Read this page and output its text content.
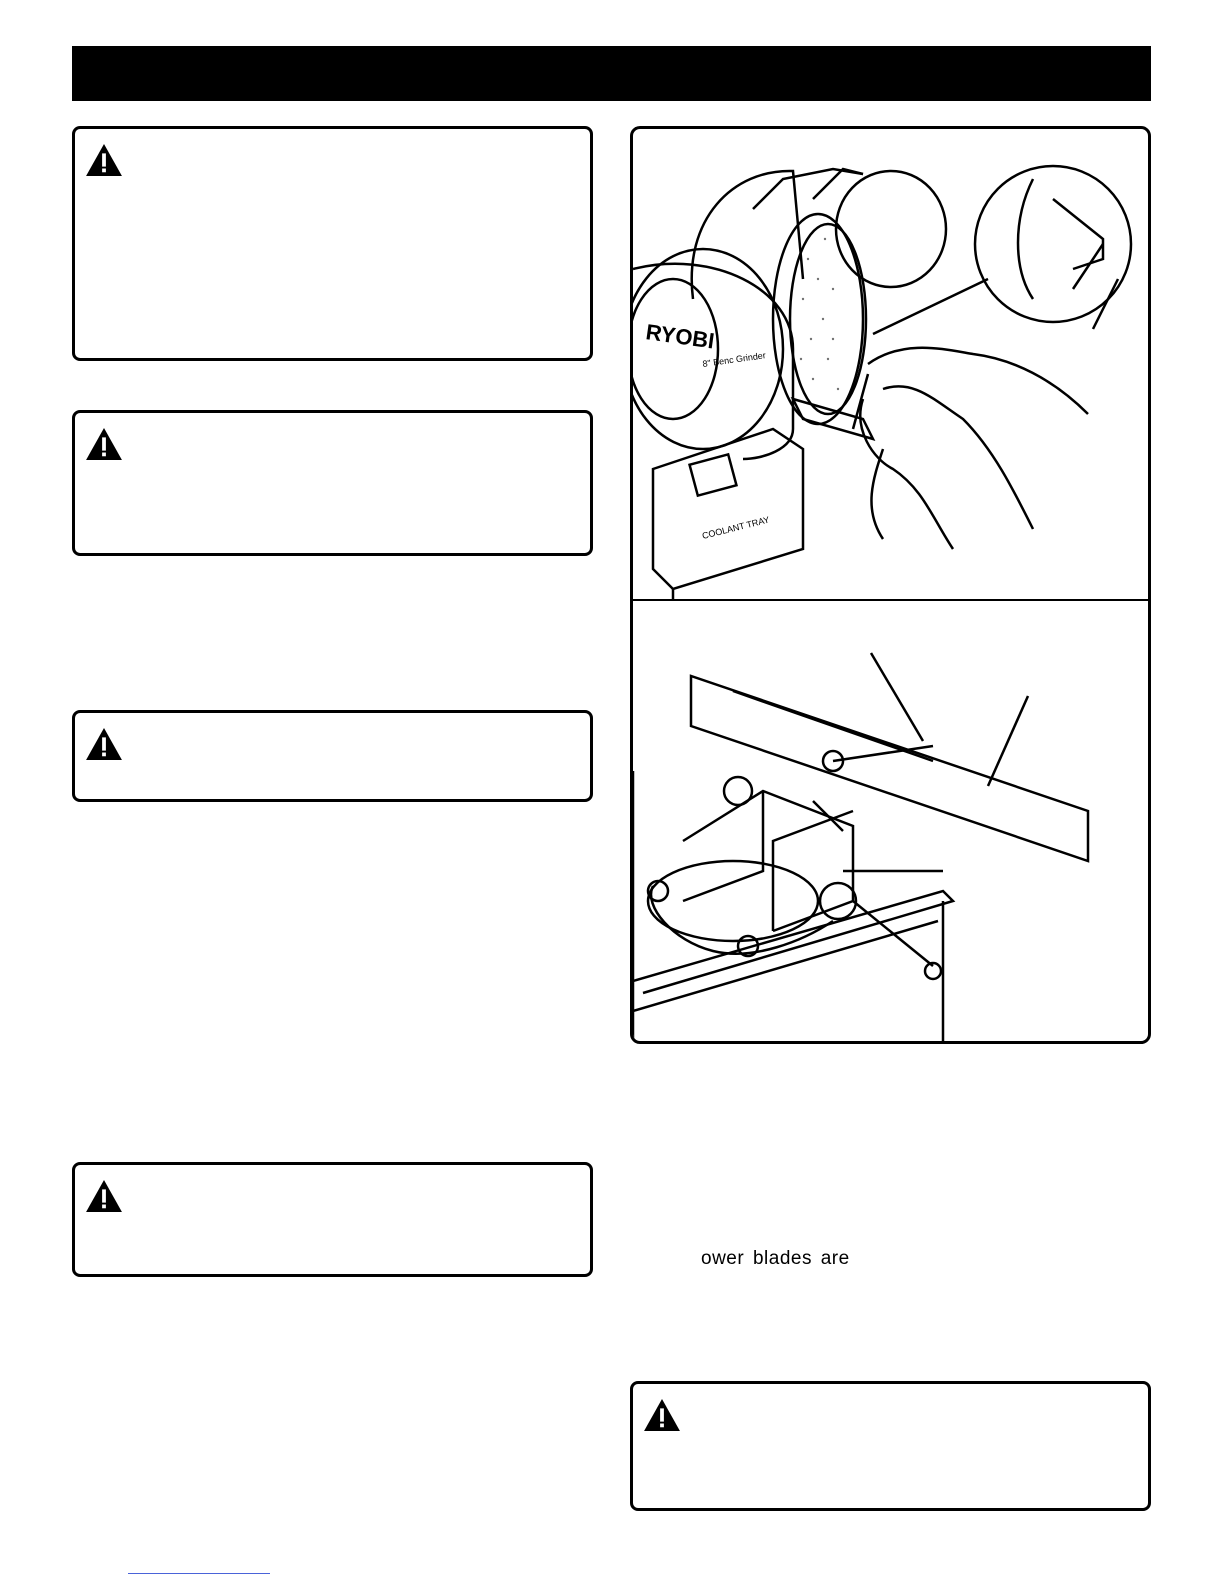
RYOBI
8" Benc Grinder
COOLANT TRAY
ower blades are
